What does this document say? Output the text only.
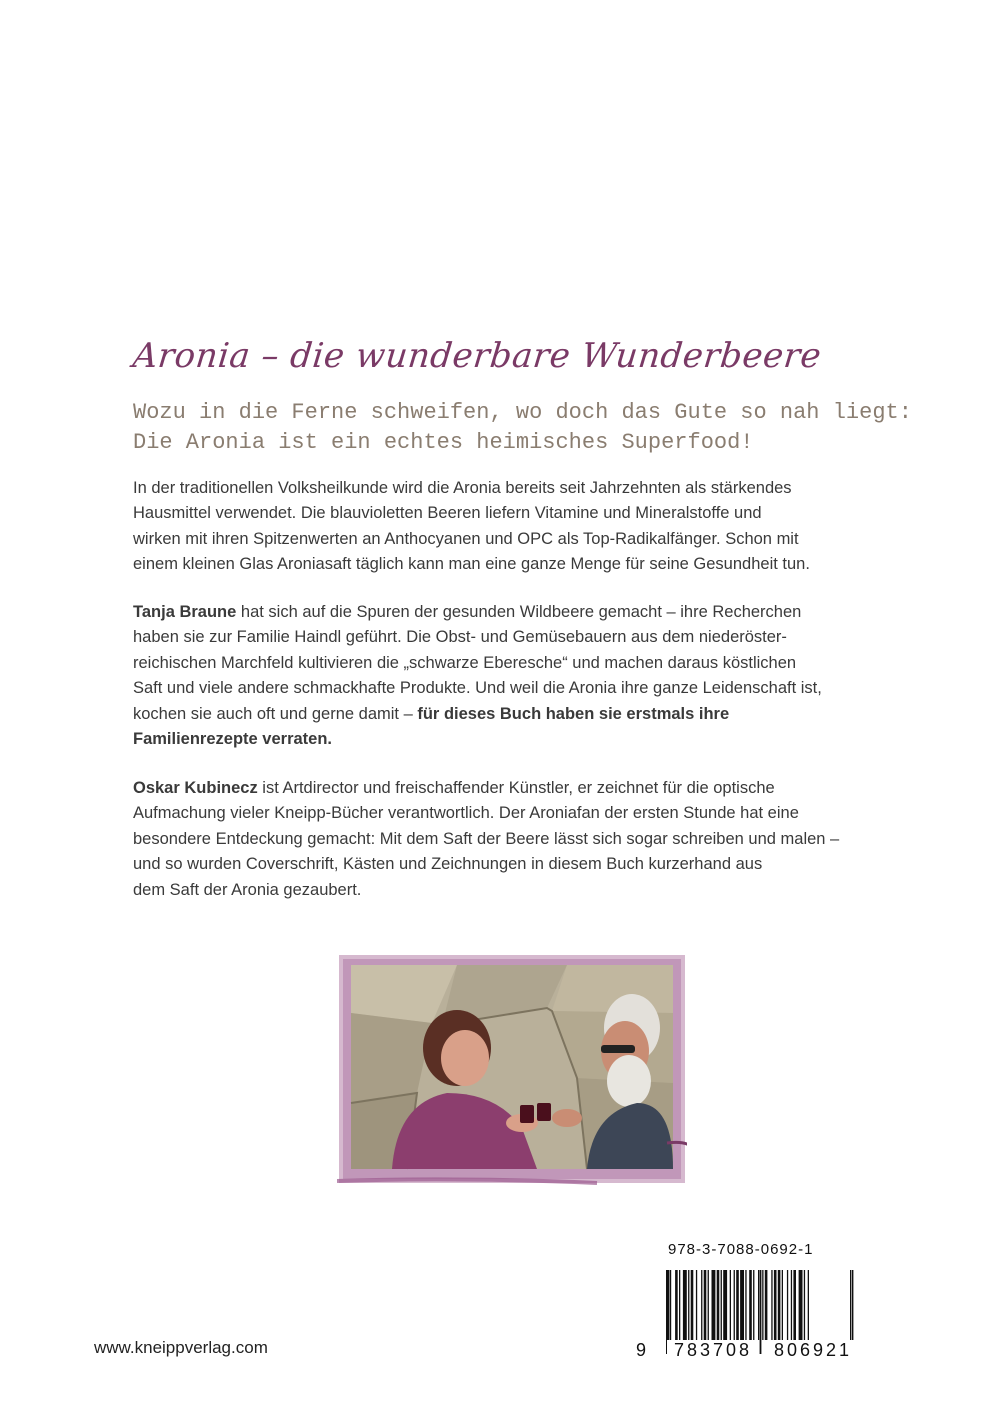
Aronia – die wunderbare Wunderbeere
Wozu in die Ferne schweifen, wo doch das Gute so nah liegt:
Die Aronia ist ein echtes heimisches Superfood!
In der traditionellen Volksheilkunde wird die Aronia bereits seit Jahrzehnten als stärkendes
Hausmittel verwendet. Die blauvioletten Beeren liefern Vitamine und Mineralstoffe und
wirken mit ihren Spitzenwerten an Anthocyanen und OPC als Top-Radikalfänger. Schon mit
einem kleinen Glas Aroniasaft täglich kann man eine ganze Menge für seine Gesundheit tun.
Tanja Braune hat sich auf die Spuren der gesunden Wildbeere gemacht – ihre Recherchen
haben sie zur Familie Haindl geführt. Die Obst- und Gemüsebauern aus dem niederöster-
reichischen Marchfeld kultivieren die „schwarze Eberesche“ und machen daraus köstlichen
Saft und viele andere schmackhafte Produkte. Und weil die Aronia ihre ganze Leidenschaft ist,
kochen sie auch oft und gerne damit – für dieses Buch haben sie erstmals ihre
Familienrezepte verraten.
Oskar Kubinecz ist Artdirector und freischaffender Künstler, er zeichnet für die optische
Aufmachung vieler Kneipp-Bücher verantwortlich. Der Aroniafan der ersten Stunde hat eine
besondere Entdeckung gemacht: Mit dem Saft der Beere lässt sich sogar schreiben und malen –
und so wurden Coverschrift, Kästen und Zeichnungen in diesem Buch kurzerhand aus
dem Saft der Aronia gezaubert.
978-3-7088-0692-1
9	783708	806921
www.kneippverlag.com
